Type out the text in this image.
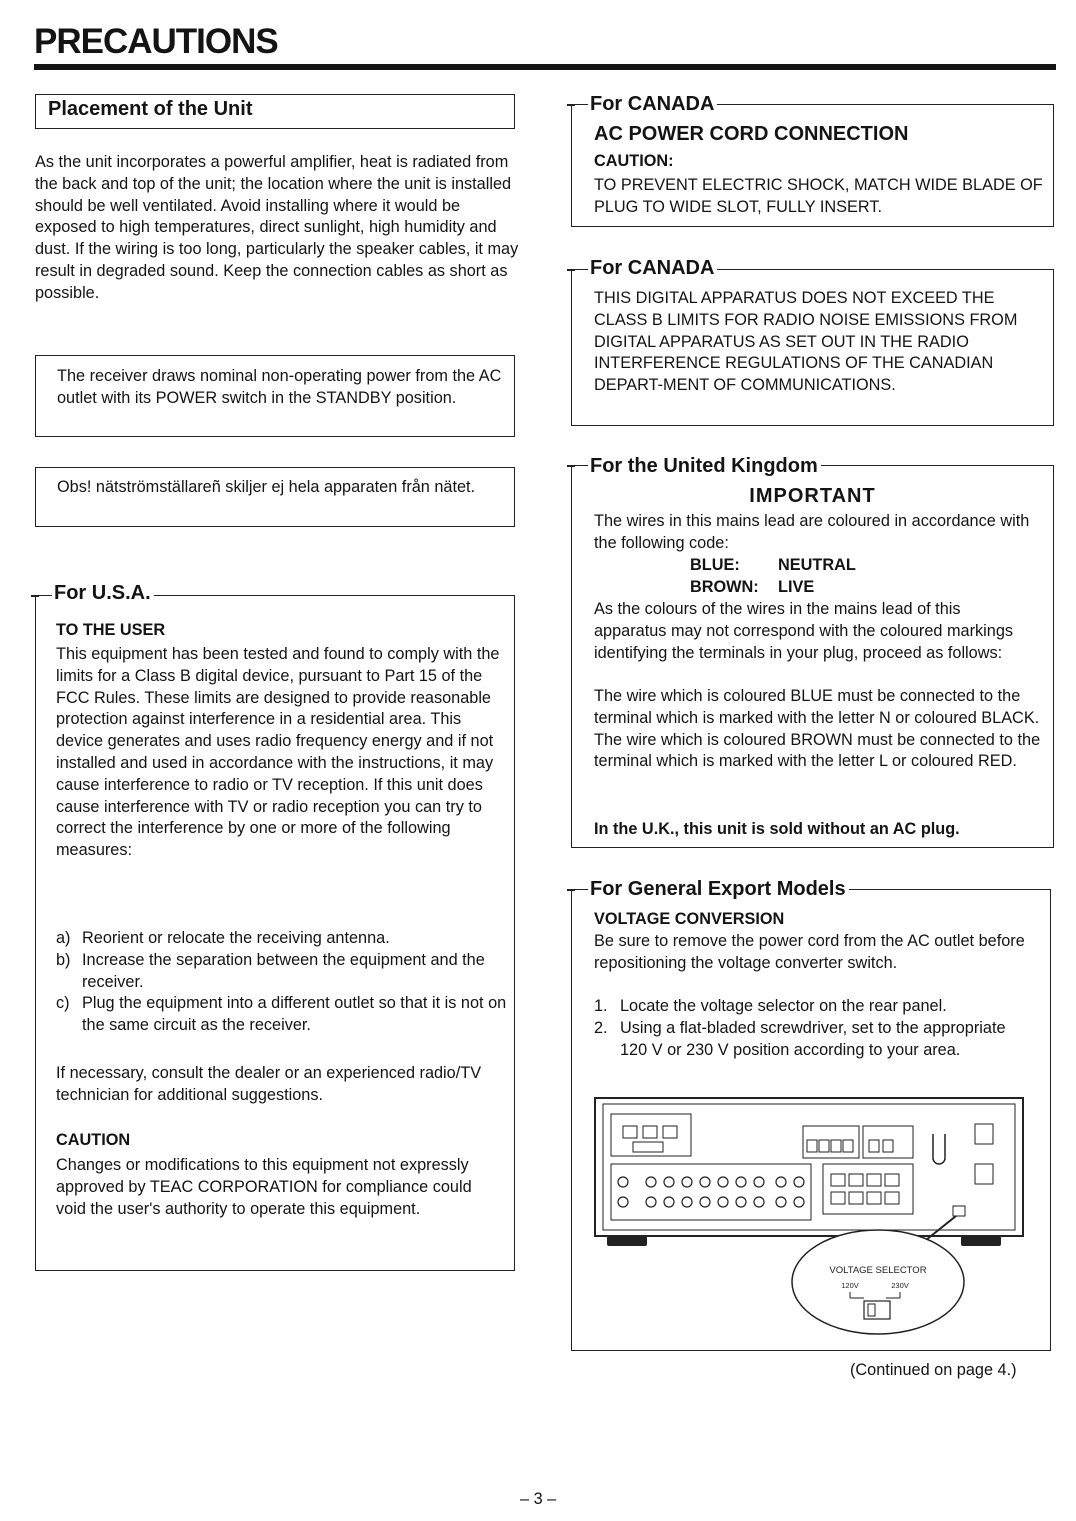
PRECAUTIONS
Placement of the Unit

As the unit incorporates a powerful amplifier, heat is radiated from the back and top of the unit; the location where the unit is installed should be well ventilated. Avoid installing where it would be exposed to high temperatures, direct sunlight, high humidity and dust. If the wiring is too long, particularly the speaker cables, it may result in degraded sound. Keep the connection cables as short as possible.

The receiver draws nominal non-operating power from the AC outlet with its POWER switch in the STANDBY position.

Obs! nätströmställareñ skiljer ej hela apparaten från nätet.

For U.S.A.
TO THE USER

This equipment has been tested and found to comply with the limits for a Class B digital device, pursuant to Part 15 of the FCC Rules. These limits are designed to provide reasonable protection against interference in a residential area. This device generates and uses radio frequency energy and if not installed and used in accordance with the instructions, it may cause interference to radio or TV reception. If this unit does cause interference with TV or radio reception you can try to correct the interference by one or more of the following measures:

a) Reorient or relocate the receiving antenna.
b) Increase the separation between the equipment and the receiver.
c) Plug the equipment into a different outlet so that it is not on the same circuit as the receiver.

If necessary, consult the dealer or an experienced radio/TV technician for additional suggestions.

CAUTION

Changes or modifications to this equipment not expressly approved by TEAC CORPORATION for compliance could void the user's authority to operate this equipment.

For CANADA
AC POWER CORD CONNECTION
CAUTION:

TO PREVENT ELECTRIC SHOCK, MATCH WIDE BLADE OF PLUG TO WIDE SLOT, FULLY INSERT.

For CANADA

THIS DIGITAL APPARATUS DOES NOT EXCEED THE CLASS B LIMITS FOR RADIO NOISE EMISSIONS FROM DIGITAL APPARATUS AS SET OUT IN THE RADIO INTERFERENCE REGULATIONS OF THE CANADIAN DEPART-MENT OF COMMUNICATIONS.

For the United Kingdom
IMPORTANT

The wires in this mains lead are coloured in accordance with the following code:

BLUE: NEUTRAL
BROWN: LIVE

As the colours of the wires in the mains lead of this apparatus may not correspond with the coloured markings identifying the terminals in your plug, proceed as follows:

The wire which is coloured BLUE must be connected to the terminal which is marked with the letter N or coloured BLACK. The wire which is coloured BROWN must be connected to the terminal which is marked with the letter L or coloured RED.

In the U.K., this unit is sold without an AC plug.
For General Export Models
VOLTAGE CONVERSION

Be sure to remove the power cord from the AC outlet before repositioning the voltage converter switch.

1. Locate the voltage selector on the rear panel.
2. Using a flat-bladed screwdriver, set to the appropriate 120 V or 230 V position according to your area.
VOLTAGE SELECTOR
120V	230V
(Continued on page 4.)
– 3 –
